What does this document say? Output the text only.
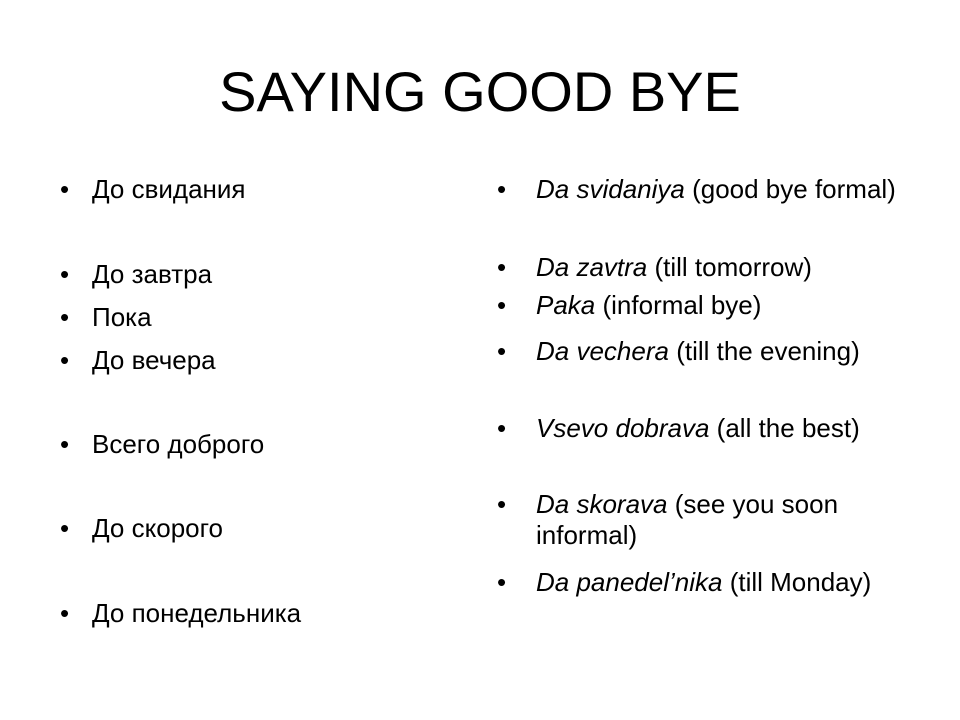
SAYING GOOD BYE
• До свидания
• До завтра
• Пока
• До вечера
• Всего доброго
• До скорого
• До понедельника
• Da svidaniya (good bye formal)
• Da zavtra (till tomorrow)
• Paka (informal bye)
• Da vechera (till the evening)
• Vsevo dobrava (all the best)
• Da skorava (see you soon informal)
• Da panedel’nika (till Monday)
